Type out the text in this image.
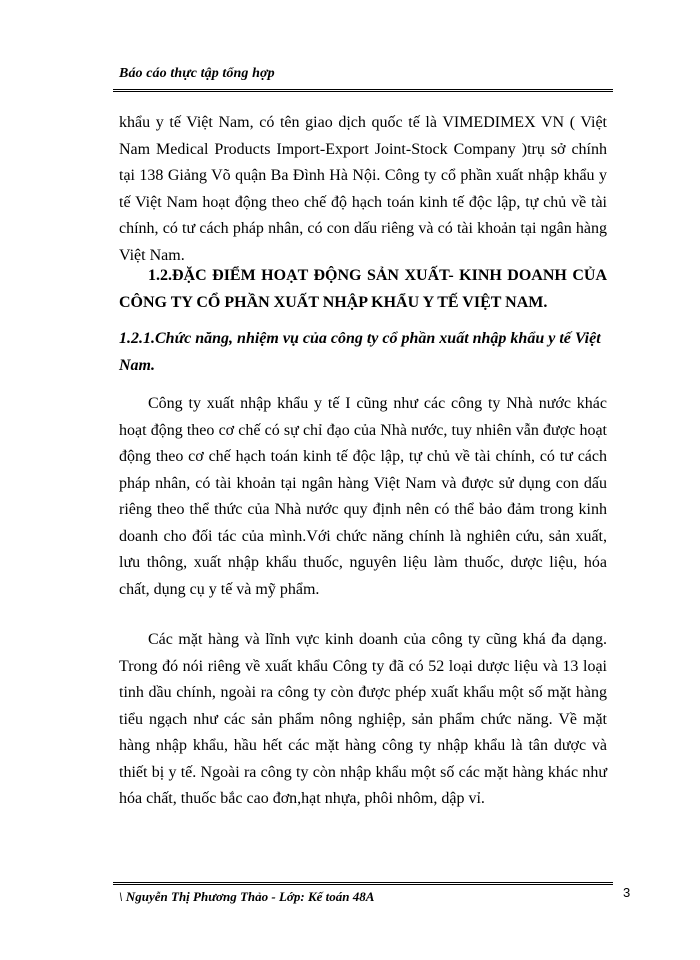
Báo cáo thực tập tổng hợp
khẩu y tế Việt Nam, có tên giao dịch quốc tế là VIMEDIMEX VN ( Việt Nam Medical Products Import-Export Joint-Stock Company )trụ sở chính tại 138 Giảng Võ quận Ba Đình Hà Nội. Công ty cổ phần xuất nhập khẩu y tế Việt Nam hoạt động theo chế độ hạch toán kinh tế độc lập, tự chủ về tài chính, có tư cách pháp nhân, có con dấu riêng và có tài khoản tại ngân hàng Việt Nam.
1.2.ĐẶC ĐIỂM HOẠT ĐỘNG SẢN XUẤT- KINH DOANH CỦA CÔNG TY CỔ PHẦN XUẤT NHẬP KHẨU Y TẾ VIỆT NAM.
1.2.1.Chức năng, nhiệm vụ của công ty cổ phần xuất nhập khẩu y tế Việt Nam.
Công ty xuất nhập khẩu y tế I cũng như các công ty Nhà nước khác hoạt động theo cơ chế có sự chỉ đạo của Nhà nước, tuy nhiên vẫn được hoạt động theo cơ chế hạch toán kinh tế độc lập, tự chủ về tài chính, có tư cách pháp nhân, có tài khoản tại ngân hàng Việt Nam và được sử dụng con dấu riêng theo thể thức của Nhà nước quy định nên có thể bảo đảm trong kinh doanh cho đối tác của mình.Với chức năng chính là nghiên cứu, sản xuất, lưu thông, xuất nhập khẩu thuốc, nguyên liệu làm thuốc, dược liệu, hóa chất, dụng cụ y tế và mỹ phẩm.
Các mặt hàng và lĩnh vực kinh doanh của công ty cũng khá đa dạng. Trong đó nói riêng về xuất khẩu Công ty đã có 52 loại dược liệu và 13 loại tinh dầu chính, ngoài ra công ty còn được phép xuất khẩu một số mặt hàng tiểu ngạch như các sản phẩm nông nghiệp, sản phẩm chức năng. Về mặt hàng nhập khẩu, hầu hết các mặt hàng công ty nhập khẩu là tân dược và thiết bị y tế. Ngoài ra công ty còn nhập khẩu một số các mặt hàng khác như hóa chất, thuốc bắc cao đơn,hạt nhựa, phôi nhôm, dập vỉ.
\ Nguyễn Thị Phương Thảo - Lớp: Kế toán 48A	3
